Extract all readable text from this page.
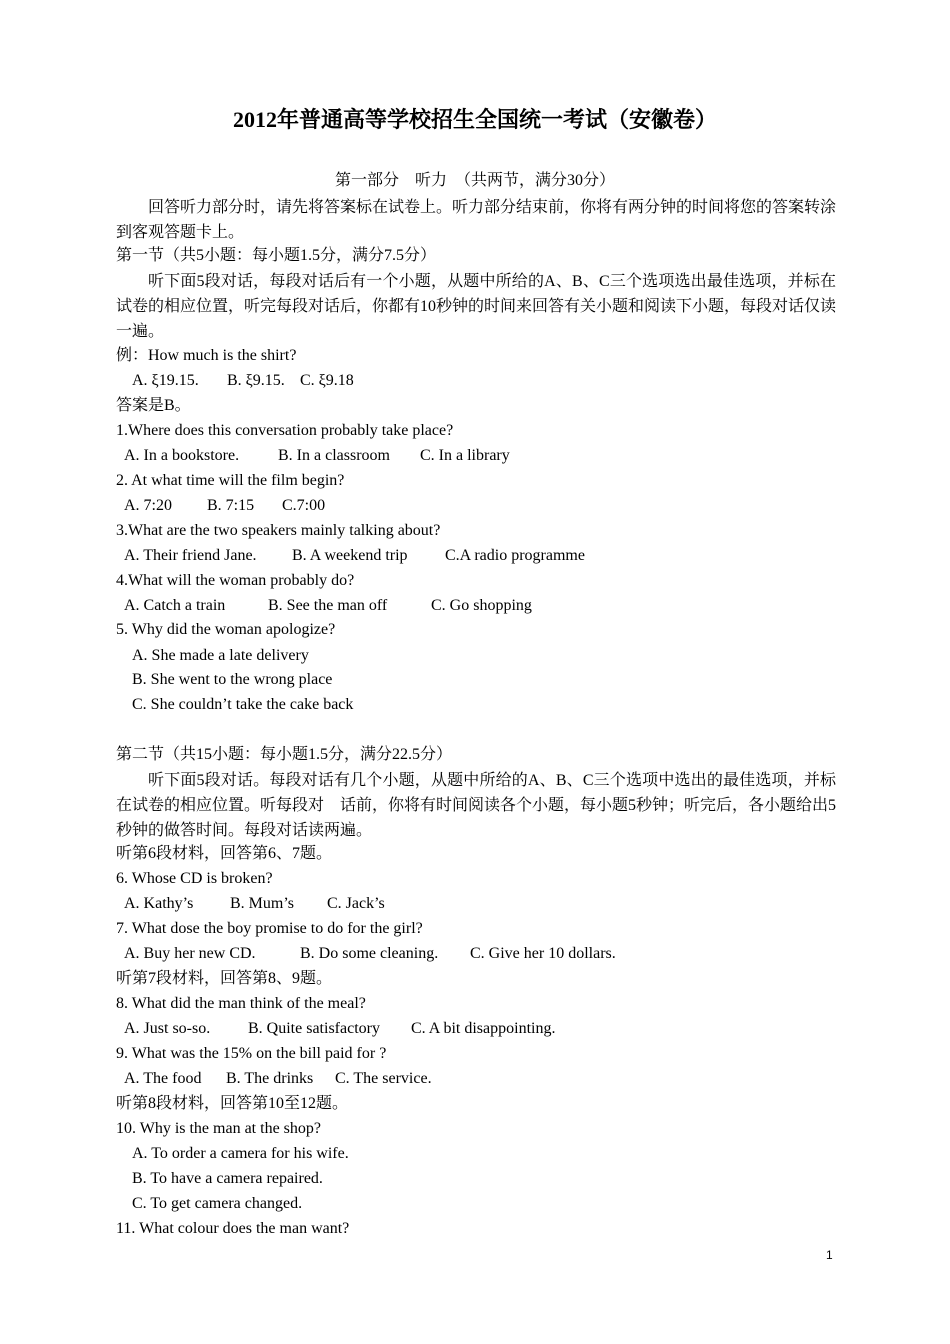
2012年普通高等学校招生全国统一考试（安徽卷）
第一部分　听力　（共两节，满分30分）
回答听力部分时，请先将答案标在试卷上。听力部分结束前，你将有两分钟的时间将您的答案转涂到客观答题卡上。
第一节（共5小题：每小题1.5分，满分7.5分）
听下面5段对话，每段对话后有一个小题，从题中所给的A、B、C三个选项选出最佳选项，并标在试卷的相应位置，听完每段对话后，你都有10秒钟的时间来回答有关小题和阅读下小题，每段对话仅读一遍。
例：How much is the shirt?
A. ξ19.15. B. ξ9.15. C. ξ9.18
答案是B。
1.Where does this conversation probably take place?
A. In a bookstore. B. In a classroom C. In a library
2. At what time will the film begin?
A. 7:20 B. 7:15 C.7:00
3.What are the two speakers mainly talking about?
A. Their friend Jane. B. A weekend trip C.A radio programme
4.What will the woman probably do?
A. Catch a train	B. See the man off	C. Go shopping
5. Why did the woman apologize?
A. She made a late delivery
B. She went to the wrong place
C. She couldn’t take the cake back
第二节（共15小题：每小题1.5分，满分22.5分）
听下面5段对话。每段对话有几个小题，从题中所给的A、B、C三个选项中选出的最佳选项，并标在试卷的相应位置。听每段对　话前，你将有时间阅读各个小题，每小题5秒钟；听完后，各小题给出5秒钟的做答时间。每段对话读两遍。
听第6段材料，回答第6、7题。
6. Whose CD is broken?
A. Kathy’s B. Mum’s C. Jack’s
7. What dose the boy promise to do for the girl?
A. Buy her new CD.	B. Do some cleaning. C. Give her 10 dollars.
听第7段材料，回答第8、9题。
8. What did the man think of the meal?
A. Just so-so. B. Quite satisfactory C. A bit disappointing.
9. What was the 15% on the bill paid for ?
A. The food B. The drinks C. The service.
听第8段材料，回答第10至12题。
10. Why is the man at the shop?
A. To order a camera for his wife.
B. To have a camera repaired.
C. To get camera changed.
11. What colour does the man want?
1
